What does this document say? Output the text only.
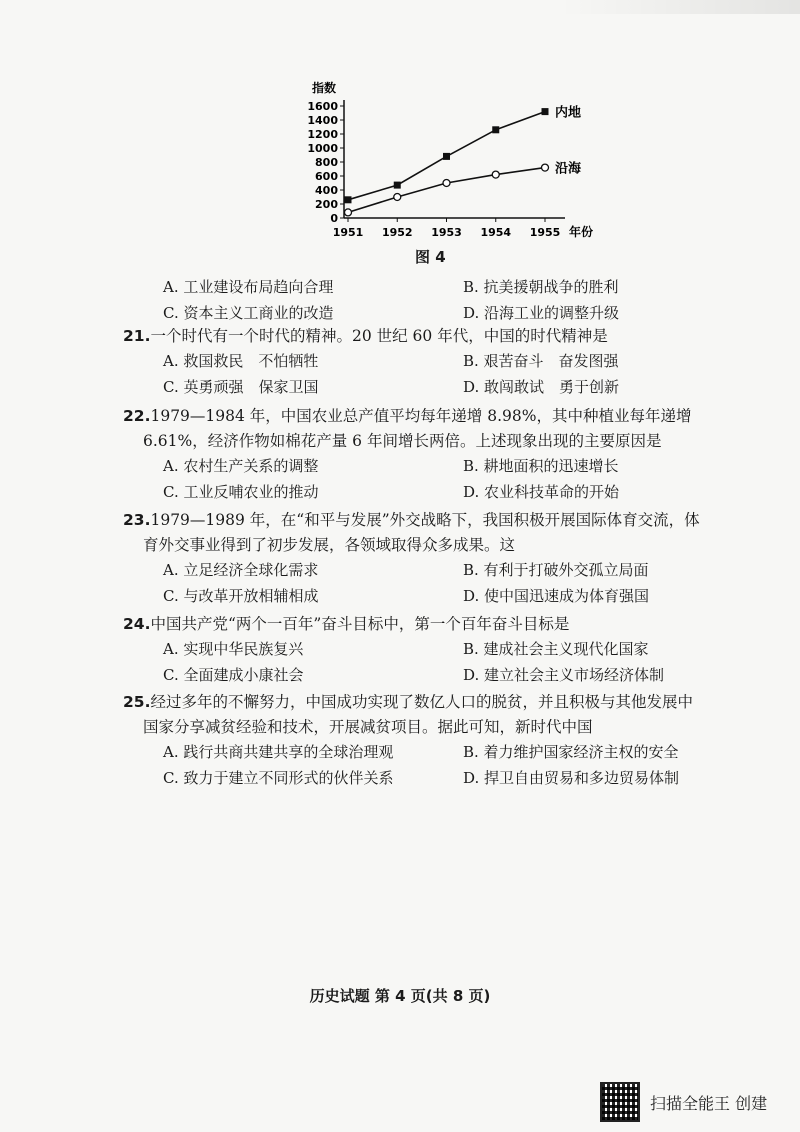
指数
0
200
400
600
800
1000
1200
1400
1600
1951 1952 1953 1954 1955 年份
内地
沿海
图 4
A. 工业建设布局趋向合理	B. 抗美援朝战争的胜利
C. 资本主义工商业的改造	D. 沿海工业的调整升级
21.一个时代有一个时代的精神。20 世纪 60 年代，中国的时代精神是
A. 救国救民　不怕牺牲	B. 艰苦奋斗　奋发图强
C. 英勇顽强　保家卫国	D. 敢闯敢试　勇于创新
22.1979—1984 年，中国农业总产值平均每年递增 8.98%，其中种植业每年递增 6.61%，经济作物如棉花产量 6 年间增长两倍。上述现象出现的主要原因是
A. 农村生产关系的调整	B. 耕地面积的迅速增长
C. 工业反哺农业的推动	D. 农业科技革命的开始
23.1979—1989 年，在“和平与发展”外交战略下，我国积极开展国际体育交流，体育外交事业得到了初步发展，各领域取得众多成果。这
A. 立足经济全球化需求	B. 有利于打破外交孤立局面
C. 与改革开放相辅相成	D. 使中国迅速成为体育强国
24.中国共产党“两个一百年”奋斗目标中，第一个百年奋斗目标是
A. 实现中华民族复兴	B. 建成社会主义现代化国家
C. 全面建成小康社会	D. 建立社会主义市场经济体制
25.经过多年的不懈努力，中国成功实现了数亿人口的脱贫，并且积极与其他发展中国家分享减贫经验和技术，开展减贫项目。据此可知，新时代中国
A. 践行共商共建共享的全球治理观	B. 着力维护国家经济主权的安全
C. 致力于建立不同形式的伙伴关系	D. 捍卫自由贸易和多边贸易体制
历史试题 第 4 页(共 8 页)
扫描全能王 创建
